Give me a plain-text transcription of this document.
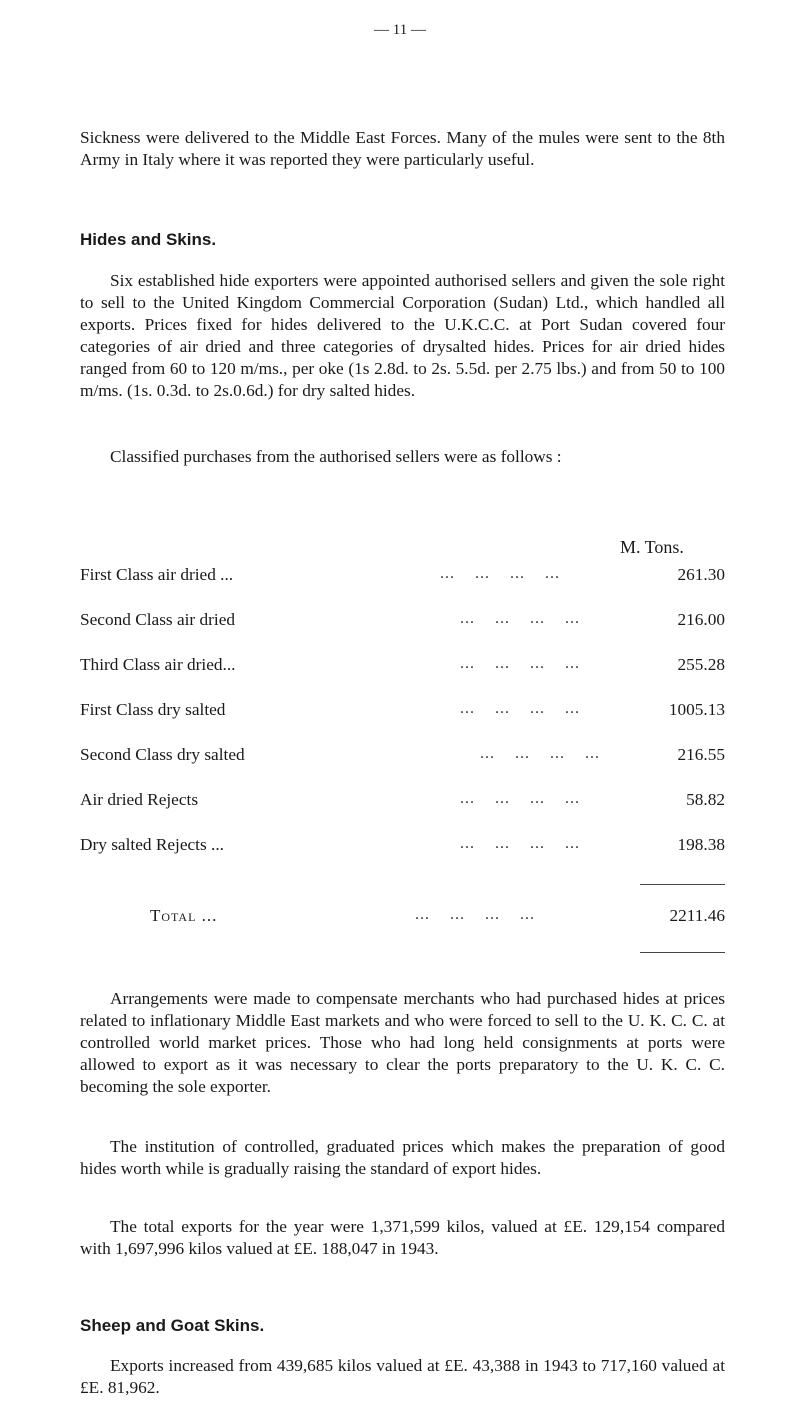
— 11 —

Sickness were delivered to the Middle East Forces. Many of the mules were sent to the 8th Army in Italy where it was reported they were particularly useful.

Hides and Skins.

Six established hide exporters were appointed authorised sellers and given the sole right to sell to the United Kingdom Commercial Corporation (Sudan) Ltd., which handled all exports. Prices fixed for hides delivered to the U.K.C.C. at Port Sudan covered four categories of air dried and three categories of drysalted hides. Prices for air dried hides ranged from 60 to 120 m/ms., per oke (1s 2.8d. to 2s. 5.5d. per 2.75 lbs.) and from 50 to 100 m/ms. (1s. 0.3d. to 2s.0.6d.) for dry salted hides.

Classified purchases from the authorised sellers were as follows :

M. Tons.
First Class air dried ...	...    ...    ...    ...	261.30
Second Class air dried	...    ...    ...    ...	216.00
Third Class air dried...	...    ...    ...    ...	255.28
First Class dry salted	...    ...    ...    ...	1005.13
Second Class dry salted	...    ...    ...    ...	216.55
Air dried Rejects	...    ...    ...    ...	58.82
Dry salted Rejects ...	...    ...    ...    ...	198.38
Total ...	...    ...    ...    ...	2211.46

Arrangements were made to compensate merchants who had purchased hides at prices related to inflationary Middle East markets and who were forced to sell to the U. K. C. C. at controlled world market prices. Those who had long held consignments at ports were allowed to export as it was necessary to clear the ports preparatory to the U. K. C. C. becoming the sole exporter.

The institution of controlled, graduated prices which makes the preparation of good hides worth while is gradually raising the standard of export hides.

The total exports for the year were 1,371,599 kilos, valued at £E. 129,154 compared with 1,697,996 kilos valued at £E. 188,047 in 1943.

Sheep and Goat Skins.

Exports increased from 439,685 kilos valued at £E. 43,388 in 1943 to 717,160 valued at £E. 81,962.
